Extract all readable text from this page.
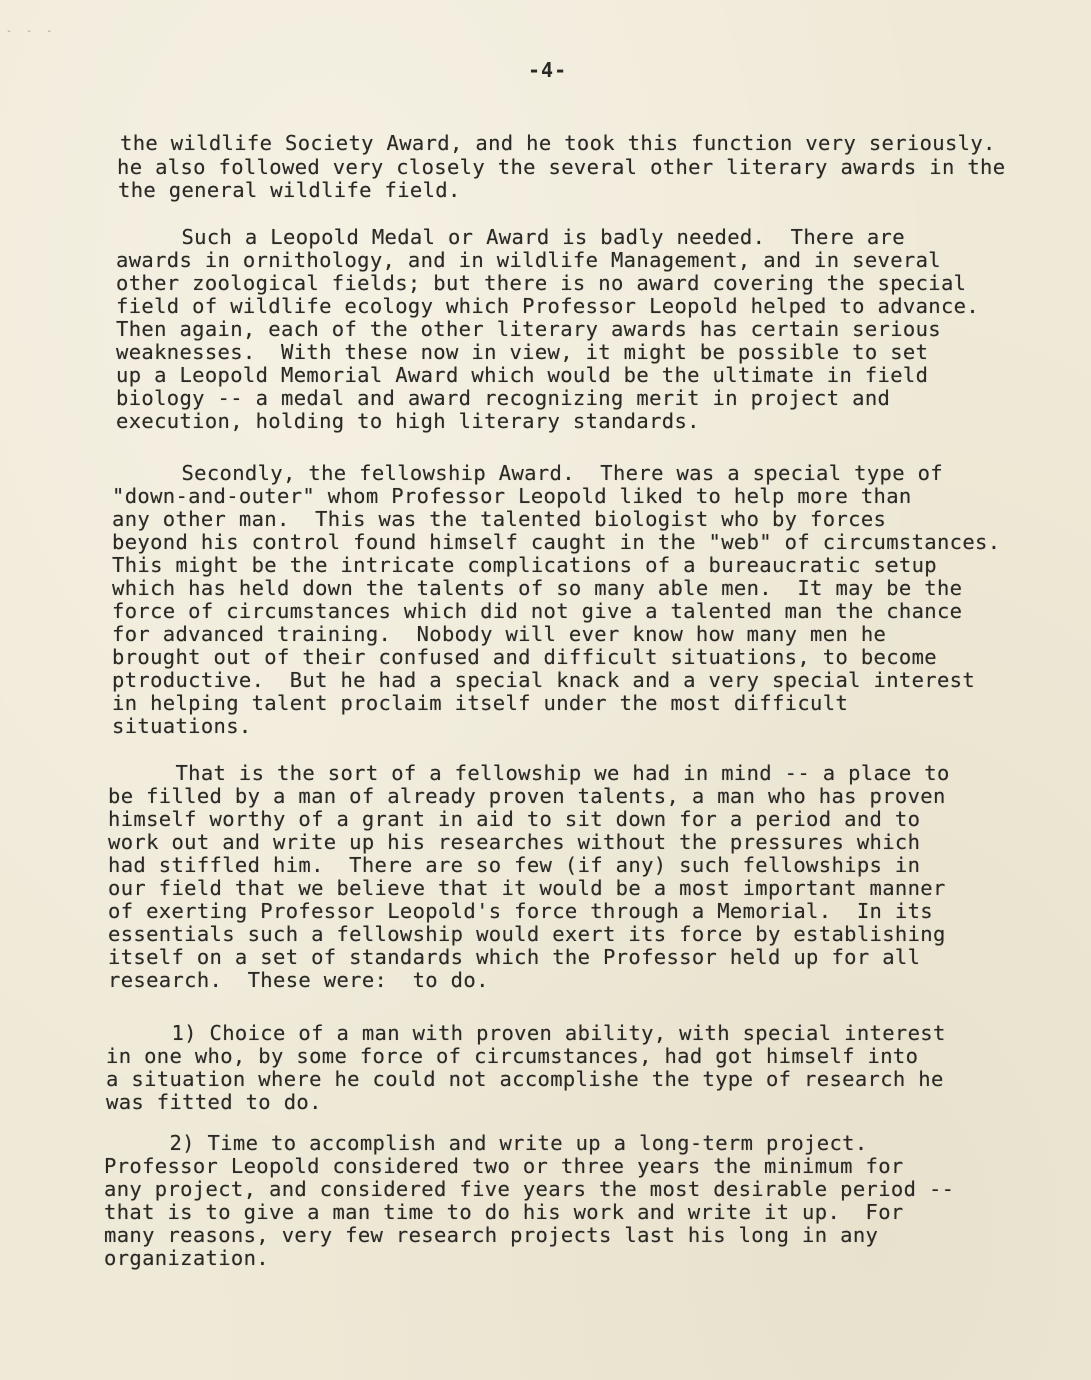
- - -
-4-
the wildlife Society Award, and he took this function very seriously.
he also followed very closely the several other literary awards in the
the general wildlife field.
Such a Leopold Medal or Award is badly needed.  There are
awards in ornithology, and in wildlife Management, and in several
other zoological fields; but there is no award covering the special
field of wildlife ecology which Professor Leopold helped to advance.
Then again, each of the other literary awards has certain serious
weaknesses.  With these now in view, it might be possible to set
up a Leopold Memorial Award which would be the ultimate in field
biology -- a medal and award recognizing merit in project and
execution, holding to high literary standards.
Secondly, the fellowship Award.  There was a special type of
"down-and-outer" whom Professor Leopold liked to help more than
any other man.  This was the talented biologist who by forces
beyond his control found himself caught in the "web" of circumstances.
This might be the intricate complications of a bureaucratic setup
which has held down the talents of so many able men.  It may be the
force of circumstances which did not give a talented man the chance
for advanced training.  Nobody will ever know how many men he
brought out of their confused and difficult situations, to become
ptroductive.  But he had a special knack and a very special interest
in helping talent proclaim itself under the most difficult
situations.
That is the sort of a fellowship we had in mind -- a place to
be filled by a man of already proven talents, a man who has proven
himself worthy of a grant in aid to sit down for a period and to
work out and write up his researches without the pressures which
had stiffled him.  There are so few (if any) such fellowships in
our field that we believe that it would be a most important manner
of exerting Professor Leopold's force through a Memorial.  In its
essentials such a fellowship would exert its force by establishing
itself on a set of standards which the Professor held up for all
research.  These were:  to do.
1) Choice of a man with proven ability, with special interest
in one who, by some force of circumstances, had got himself into
a situation where he could not accomplishe the type of research he
was fitted to do.
2) Time to accomplish and write up a long-term project.
Professor Leopold considered two or three years the minimum for
any project, and considered five years the most desirable period --
that is to give a man time to do his work and write it up.  For
many reasons, very few research projects last his long in any
organization.
